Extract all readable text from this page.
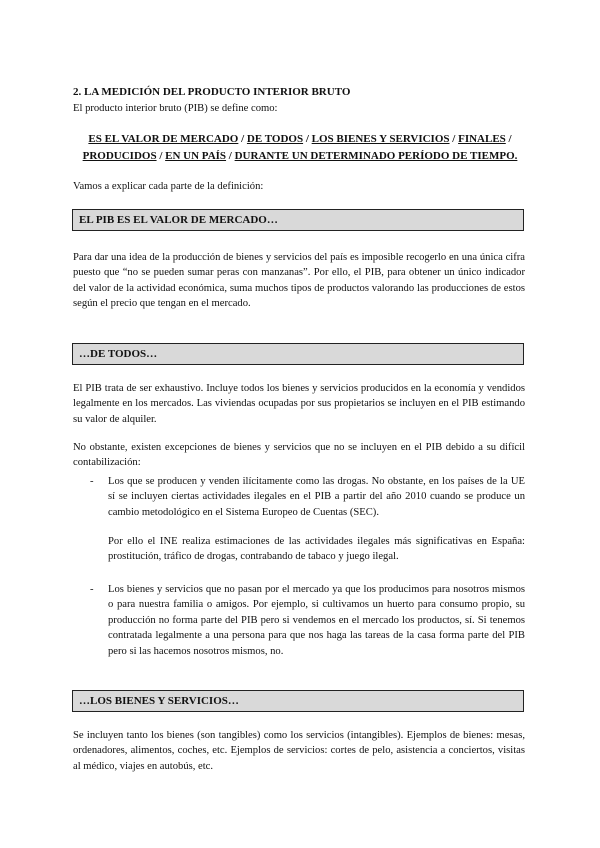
2. LA MEDICIÓN DEL PRODUCTO INTERIOR BRUTO
El producto interior bruto (PIB) se define como:
ES EL VALOR DE MERCADO / DE TODOS / LOS BIENES Y SERVICIOS / FINALES /
PRODUCIDOS / EN UN PAÍS / DURANTE UN DETERMINADO PERÍODO DE TIEMPO.
Vamos a explicar cada parte de la definición:
EL PIB ES EL VALOR DE MERCADO…
Para dar una idea de la producción de bienes y servicios del país es imposible recogerlo en una única cifra puesto que “no se pueden sumar peras con manzanas”. Por ello, el PIB, para obtener un único indicador del valor de la actividad económica, suma muchos tipos de productos valorando las producciones de estos según el precio que tengan en el mercado.
…DE TODOS…
El PIB trata de ser exhaustivo. Incluye todos los bienes y servicios producidos en la economía y vendidos legalmente en los mercados. Las viviendas ocupadas por sus propietarios se incluyen en el PIB estimando su valor de alquiler.
No obstante, existen excepciones de bienes y servicios que no se incluyen en el PIB debido a su difícil contabilización:
- Los que se producen y venden ilícitamente como las drogas. No obstante, en los países de la UE sí se incluyen ciertas actividades ilegales en el PIB a partir del año 2010 cuando se produce un cambio metodológico en el Sistema Europeo de Cuentas (SEC).
Por ello el INE realiza estimaciones de las actividades ilegales más significativas en España: prostitución, tráfico de drogas, contrabando de tabaco y juego ilegal.
- Los bienes y servicios que no pasan por el mercado ya que los producimos para nosotros mismos o para nuestra familia o amigos. Por ejemplo, si cultivamos un huerto para consumo propio, su producción no forma parte del PIB pero si vendemos en el mercado los productos, sí. Si tenemos contratada legalmente a una persona para que nos haga las tareas de la casa forma parte del PIB pero si las hacemos nosotros mismos, no.
…LOS BIENES Y SERVICIOS…
Se incluyen tanto los bienes (son tangibles) como los servicios (intangibles). Ejemplos de bienes: mesas, ordenadores, alimentos, coches, etc. Ejemplos de servicios: cortes de pelo, asistencia a conciertos, visitas al médico, viajes en autobús, etc.
